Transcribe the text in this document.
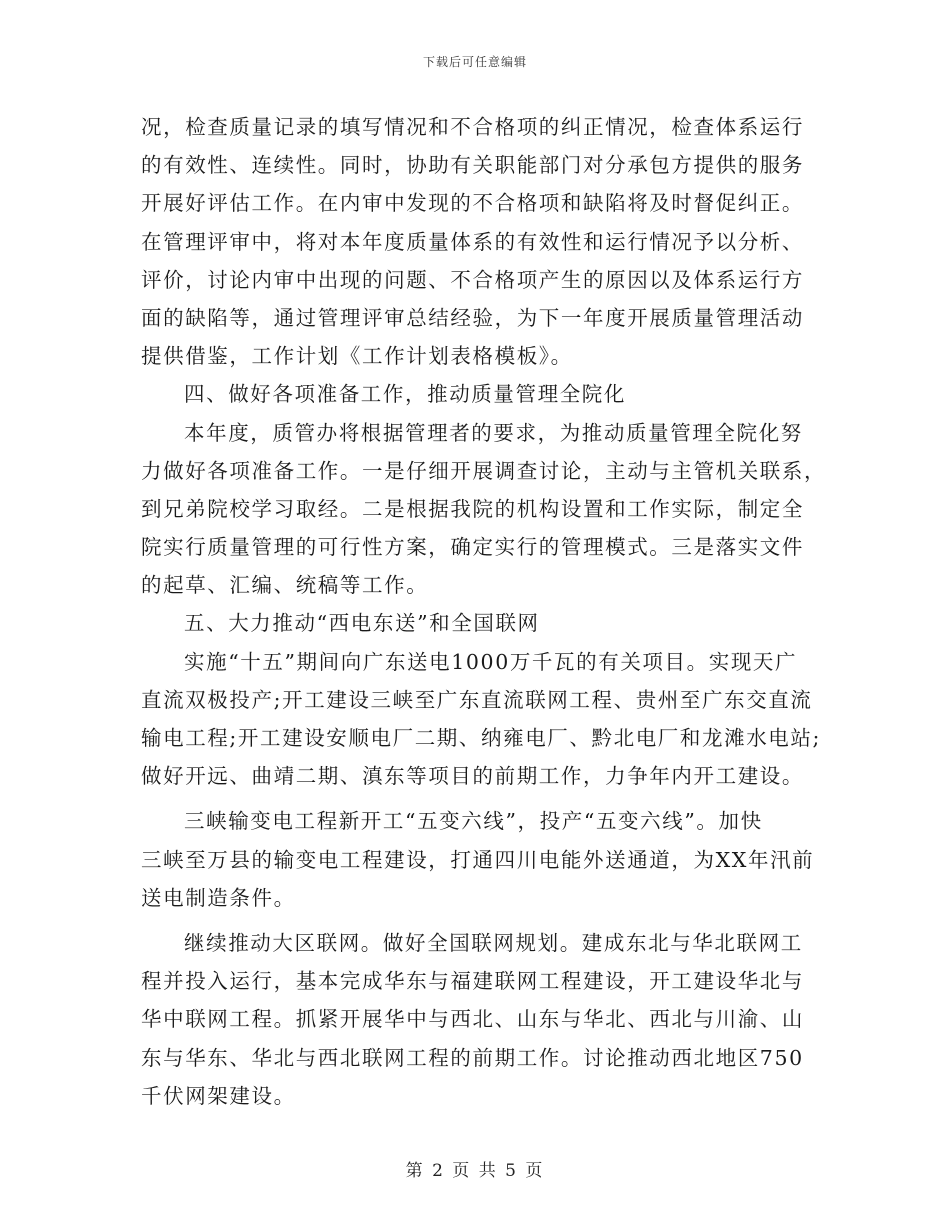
下载后可任意编辑
况，检查质量记录的填写情况和不合格项的纠正情况，检查体系运行
的有效性、连续性。同时，协助有关职能部门对分承包方提供的服务
开展好评估工作。在内审中发现的不合格项和缺陷将及时督促纠正。
在管理评审中，将对本年度质量体系的有效性和运行情况予以分析、
评价，讨论内审中出现的问题、不合格项产生的原因以及体系运行方
面的缺陷等，通过管理评审总结经验，为下一年度开展质量管理活动
提供借鉴，工作计划《工作计划表格模板》。
四、做好各项准备工作，推动质量管理全院化
本年度，质管办将根据管理者的要求，为推动质量管理全院化努
力做好各项准备工作。一是仔细开展调查讨论，主动与主管机关联系，
到兄弟院校学习取经。二是根据我院的机构设置和工作实际，制定全
院实行质量管理的可行性方案，确定实行的管理模式。三是落实文件
的起草、汇编、统稿等工作。
五、大力推动“西电东送”和全国联网
实施“十五”期间向广东送电1000万千瓦的有关项目。实现天广
直流双极投产;开工建设三峡至广东直流联网工程、贵州至广东交直流
输电工程;开工建设安顺电厂二期、纳雍电厂、黔北电厂和龙滩水电站;
做好开远、曲靖二期、滇东等项目的前期工作，力争年内开工建设。
三峡输变电工程新开工“五变六线”，投产“五变六线”。加快
三峡至万县的输变电工程建设，打通四川电能外送通道，为XX年汛前
送电制造条件。
继续推动大区联网。做好全国联网规划。建成东北与华北联网工
程并投入运行，基本完成华东与福建联网工程建设，开工建设华北与
华中联网工程。抓紧开展华中与西北、山东与华北、西北与川渝、山
东与华东、华北与西北联网工程的前期工作。讨论推动西北地区750
千伏网架建设。
第 2 页 共 5 页
